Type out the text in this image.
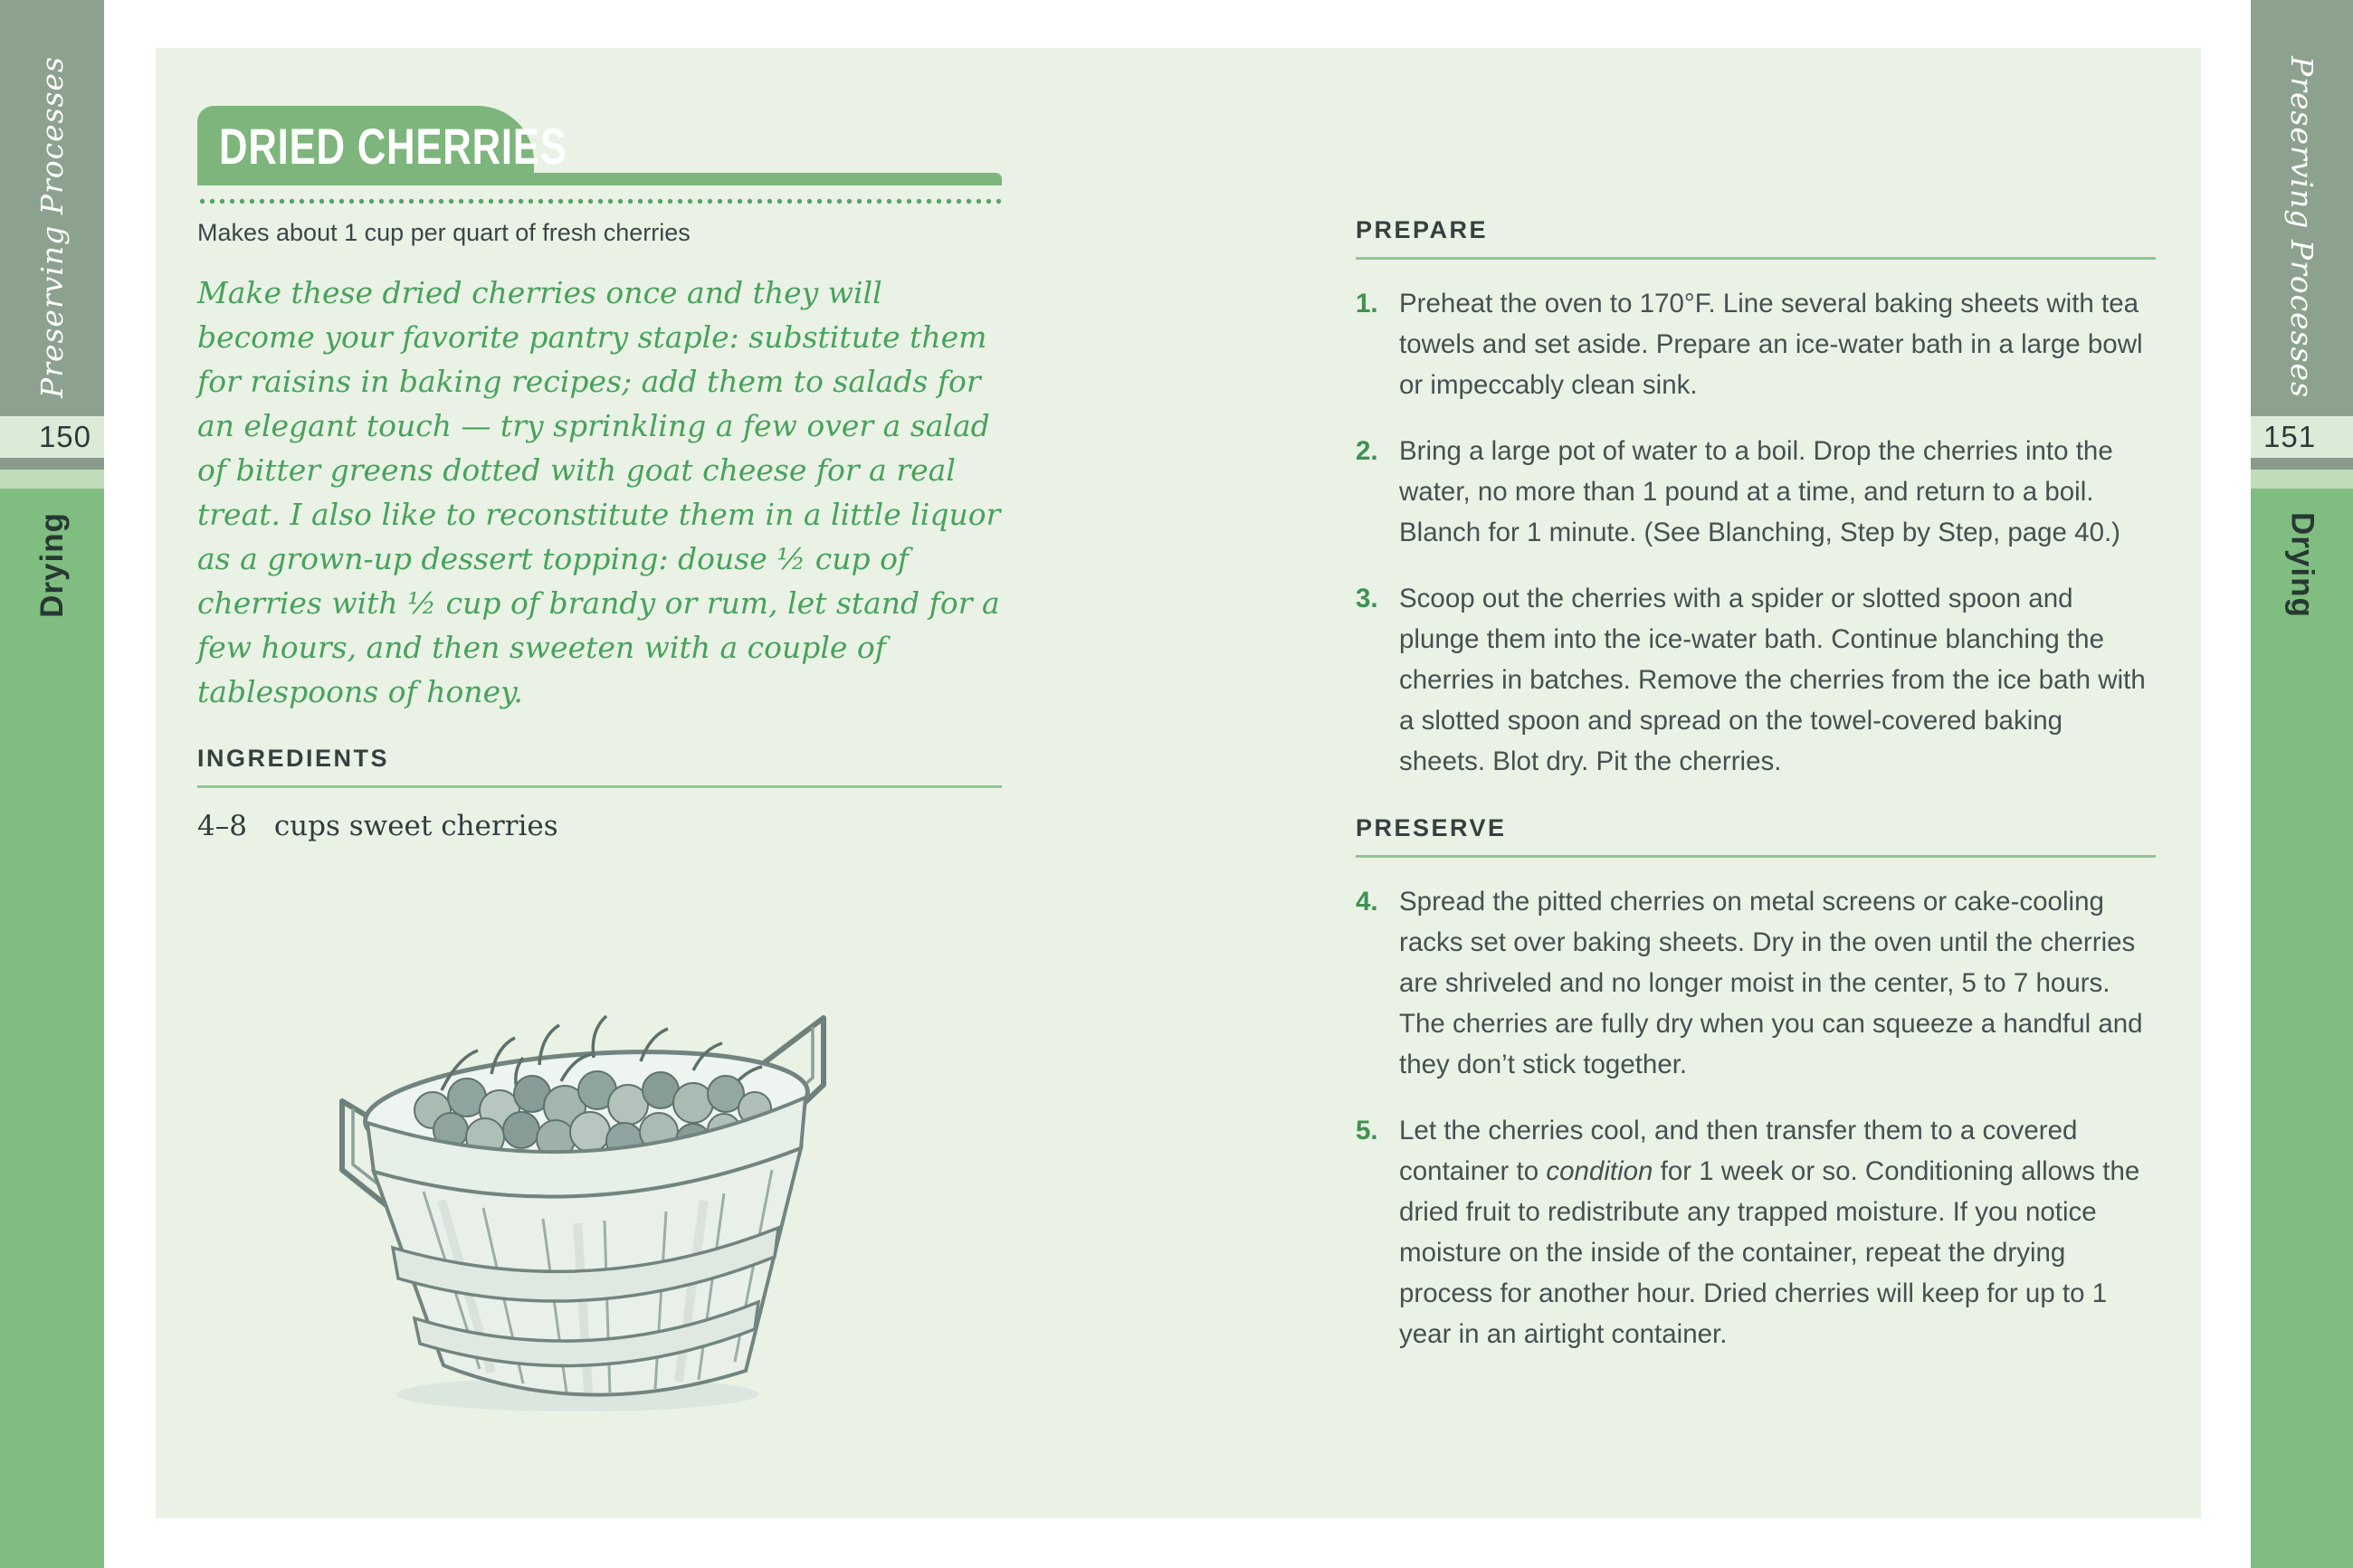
Preserving Processes
150
Drying
DRIED CHERRIES
Makes about 1 cup per quart of fresh cherries

Make these dried cherries once and they will become your favorite pantry staple: substitute them for raisins in baking recipes; add them to salads for an elegant touch — try sprinkling a few over a salad of bitter greens dotted with goat cheese for a real treat. I also like to reconstitute them in a little liquor as a grown-up dessert topping: douse ½ cup of cherries with ½ cup of brandy or rum, let stand for a few hours, and then sweeten with a couple of tablespoons of honey.

INGREDIENTS
4–8 cups sweet cherries
PREPARE
1. Preheat the oven to 170°F. Line several baking sheets with tea towels and set aside. Prepare an ice-water bath in a large bowl or impeccably clean sink.
2. Bring a large pot of water to a boil. Drop the cherries into the water, no more than 1 pound at a time, and return to a boil. Blanch for 1 minute. (See Blanching, Step by Step, page 40.)
3. Scoop out the cherries with a spider or slotted spoon and plunge them into the ice-water bath. Continue blanching the cherries in batches. Remove the cherries from the ice bath with a slotted spoon and spread on the towel-covered baking sheets. Blot dry. Pit the cherries.
PRESERVE
4. Spread the pitted cherries on metal screens or cake-cooling racks set over baking sheets. Dry in the oven until the cherries are shriveled and no longer moist in the center, 5 to 7 hours. The cherries are fully dry when you can squeeze a handful and they don’t stick together.
5. Let the cherries cool, and then transfer them to a covered container to condition for 1 week or so. Conditioning allows the dried fruit to redistribute any trapped moisture. If you notice moisture on the inside of the container, repeat the drying process for another hour. Dried cherries will keep for up to 1 year in an airtight container.
Preserving Processes
151
Drying
